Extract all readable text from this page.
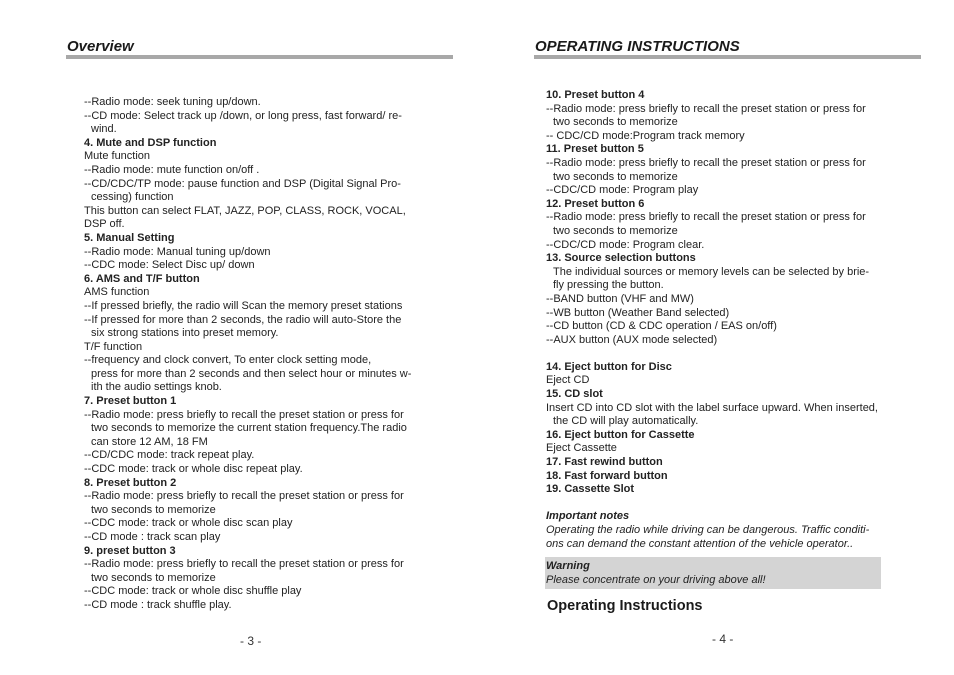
Overview	OPERATING INSTRUCTIONS
--Radio mode: seek tuning up/down.
--CD mode: Select track up /down, or long press, fast forward/ re-
wind.
4. Mute and DSP function
Mute function
--Radio mode: mute function on/off .
--CD/CDC/TP mode: pause function and DSP (Digital Signal Pro-
cessing) function
This button can select FLAT, JAZZ, POP, CLASS, ROCK, VOCAL,
DSP off.
5. Manual Setting
--Radio mode: Manual tuning up/down
--CDC mode: Select Disc up/ down
6. AMS and T/F button
AMS function
--If pressed briefly, the radio will Scan the memory preset stations
--If pressed for more than 2 seconds, the radio will auto-Store the
six strong stations into preset memory.
T/F function
--frequency and clock convert, To enter clock setting mode,
press for more than 2 seconds and then select hour or minutes w-
ith the audio settings knob.
7. Preset button 1
--Radio mode: press briefly to recall the preset station or press for
two seconds to memorize the current station frequency.The radio
can store 12 AM, 18 FM
--CD/CDC mode: track repeat play.
--CDC mode: track or whole disc repeat play.
8. Preset button 2
--Radio mode: press briefly to recall the preset station or press for
two seconds to memorize
--CDC mode: track or whole disc scan play
--CD mode : track scan play
9. preset button 3
--Radio mode: press briefly to recall the preset station or press for
two seconds to memorize
--CDC mode: track or whole disc shuffle play
--CD mode : track shuffle play.
10. Preset button 4
--Radio mode: press briefly to recall the preset station or press for
two seconds to memorize
-- CDC/CD mode:Program track memory
11. Preset button 5
--Radio mode: press briefly to recall the preset station or press for
two seconds to memorize
--CDC/CD mode: Program play
12. Preset button 6
--Radio mode: press briefly to recall the preset station or press for
two seconds to memorize
--CDC/CD mode: Program clear.
13. Source selection buttons
The individual sources or memory levels can be selected by brie-
fly pressing the button.
--BAND button (VHF and MW)
--WB button (Weather Band selected)
--CD button (CD & CDC operation / EAS on/off)
--AUX button (AUX mode selected)
14. Eject button for Disc
Eject CD
15. CD slot
Insert CD into CD slot with the label surface upward. When inserted,
the CD will play automatically.
16. Eject button for Cassette
Eject Cassette
17. Fast rewind button
18. Fast forward button
19. Cassette Slot
Important notes
Operating the radio while driving can be dangerous. Traffic conditi-
ons can demand the constant attention of the vehicle operator..
Warning
Please concentrate on your driving above all!
Operating Instructions
- 3 -	- 4 -
